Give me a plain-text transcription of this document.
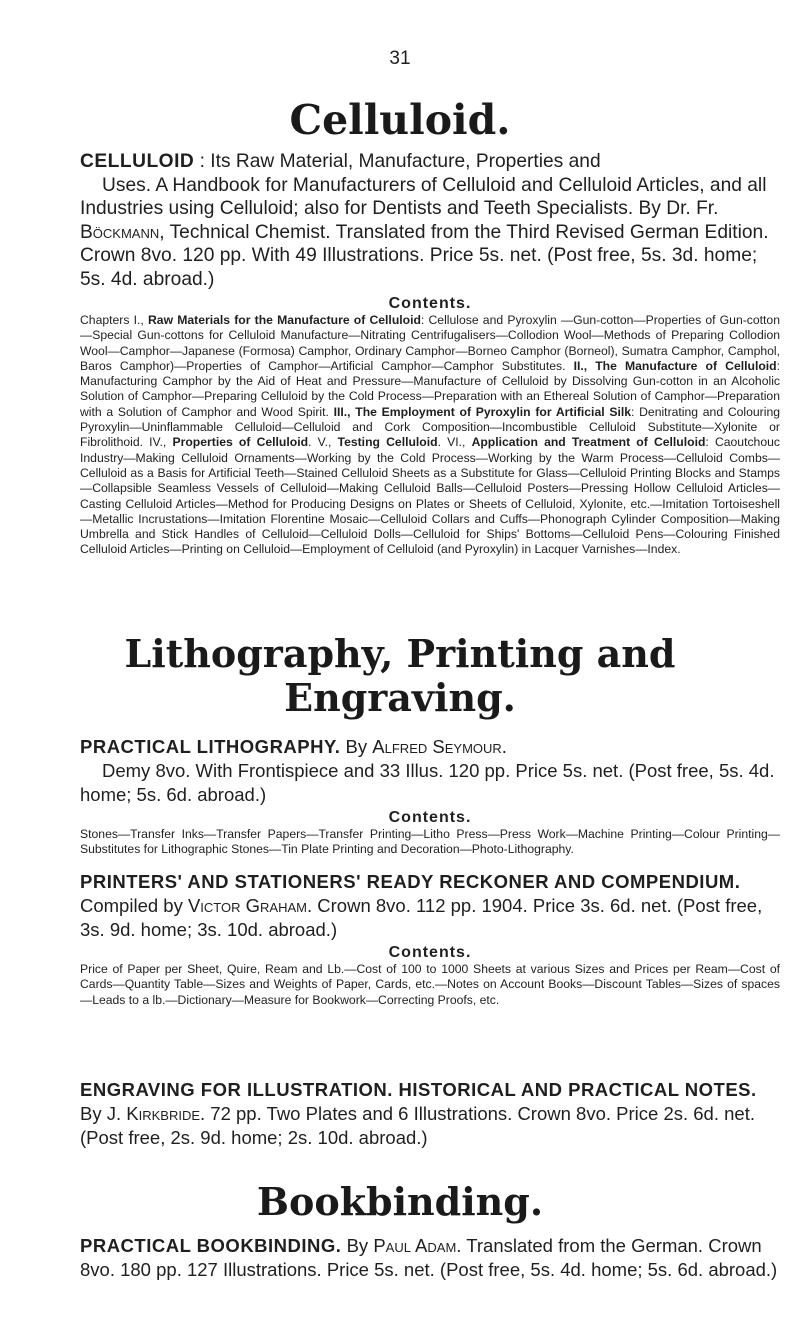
31
Celluloid.

CELLULOID : Its Raw Material, Manufacture, Properties and
Uses. A Handbook for Manufacturers of Celluloid and Celluloid Articles, and all Industries using Celluloid; also for Dentists and Teeth Specialists. By Dr. Fr. Böckmann, Technical Chemist. Translated from the Third Revised German Edition. Crown 8vo. 120 pp. With 49 Illustrations. Price 5s. net. (Post free, 5s. 3d. home; 5s. 4d. abroad.)

Contents.

Chapters I., Raw Materials for the Manufacture of Celluloid: Cellulose and Pyroxylin —Gun-cotton—Properties of Gun-cotton—Special Gun-cottons for Celluloid Manufacture—Nitrating Centrifugalisers—Collodion Wool—Methods of Preparing Collodion Wool—Camphor—Japanese (Formosa) Camphor, Ordinary Camphor—Borneo Camphor (Borneol), Sumatra Camphor, Camphol, Baros Camphor)—Properties of Camphor—Artificial Camphor—Camphor Substitutes. II., The Manufacture of Celluloid: Manufacturing Camphor by the Aid of Heat and Pressure—Manufacture of Celluloid by Dissolving Gun-cotton in an Alcoholic Solution of Camphor—Preparing Celluloid by the Cold Process—Preparation with an Ethereal Solution of Camphor—Preparation with a Solution of Camphor and Wood Spirit. III., The Employment of Pyroxylin for Artificial Silk: Denitrating and Colouring Pyroxylin—Uninflammable Celluloid—Celluloid and Cork Composition—Incombustible Celluloid Substitute—Xylonite or Fibrolithoid. IV., Properties of Celluloid. V., Testing Celluloid. VI., Application and Treatment of Celluloid: Caoutchouc Industry—Making Celluloid Ornaments—Working by the Cold Process—Working by the Warm Process—Celluloid Combs—Celluloid as a Basis for Artificial Teeth—Stained Celluloid Sheets as a Substitute for Glass—Celluloid Printing Blocks and Stamps—Collapsible Seamless Vessels of Celluloid—Making Celluloid Balls—Celluloid Posters—Pressing Hollow Celluloid Articles—Casting Celluloid Articles—Method for Producing Designs on Plates or Sheets of Celluloid, Xylonite, etc.—Imitation Tortoiseshell—Metallic Incrustations—Imitation Florentine Mosaic—Celluloid Collars and Cuffs—Phonograph Cylinder Composition—Making Umbrella and Stick Handles of Celluloid—Celluloid Dolls—Celluloid for Ships' Bottoms—Celluloid Pens—Colouring Finished Celluloid Articles—Printing on Celluloid—Employment of Celluloid (and Pyroxylin) in Lacquer Varnishes—Index.

Lithography, Printing and
Engraving.

PRACTICAL LITHOGRAPHY. By Alfred Seymour.
Demy 8vo. With Frontispiece and 33 Illus. 120 pp. Price 5s. net. (Post free, 5s. 4d. home; 5s. 6d. abroad.)

Contents.

Stones—Transfer Inks—Transfer Papers—Transfer Printing—Litho Press—Press Work—Machine Printing—Colour Printing—Substitutes for Lithographic Stones—Tin Plate Printing and Decoration—Photo-Lithography.

PRINTERS' AND STATIONERS' READY RECKONER AND COMPENDIUM. Compiled by Victor Graham. Crown 8vo. 112 pp. 1904. Price 3s. 6d. net. (Post free, 3s. 9d. home; 3s. 10d. abroad.)

Contents.

Price of Paper per Sheet, Quire, Ream and Lb.—Cost of 100 to 1000 Sheets at various Sizes and Prices per Ream—Cost of Cards—Quantity Table—Sizes and Weights of Paper, Cards, etc.—Notes on Account Books—Discount Tables—Sizes of spaces—Leads to a lb.—Dictionary—Measure for Bookwork—Correcting Proofs, etc.

ENGRAVING FOR ILLUSTRATION. HISTORICAL AND PRACTICAL NOTES. By J. Kirkbride. 72 pp. Two Plates and 6 Illustrations. Crown 8vo. Price 2s. 6d. net. (Post free, 2s. 9d. home; 2s. 10d. abroad.)

Bookbinding.

PRACTICAL BOOKBINDING. By Paul Adam. Translated from the German. Crown 8vo. 180 pp. 127 Illustrations. Price 5s. net. (Post free, 5s. 4d. home; 5s. 6d. abroad.)
